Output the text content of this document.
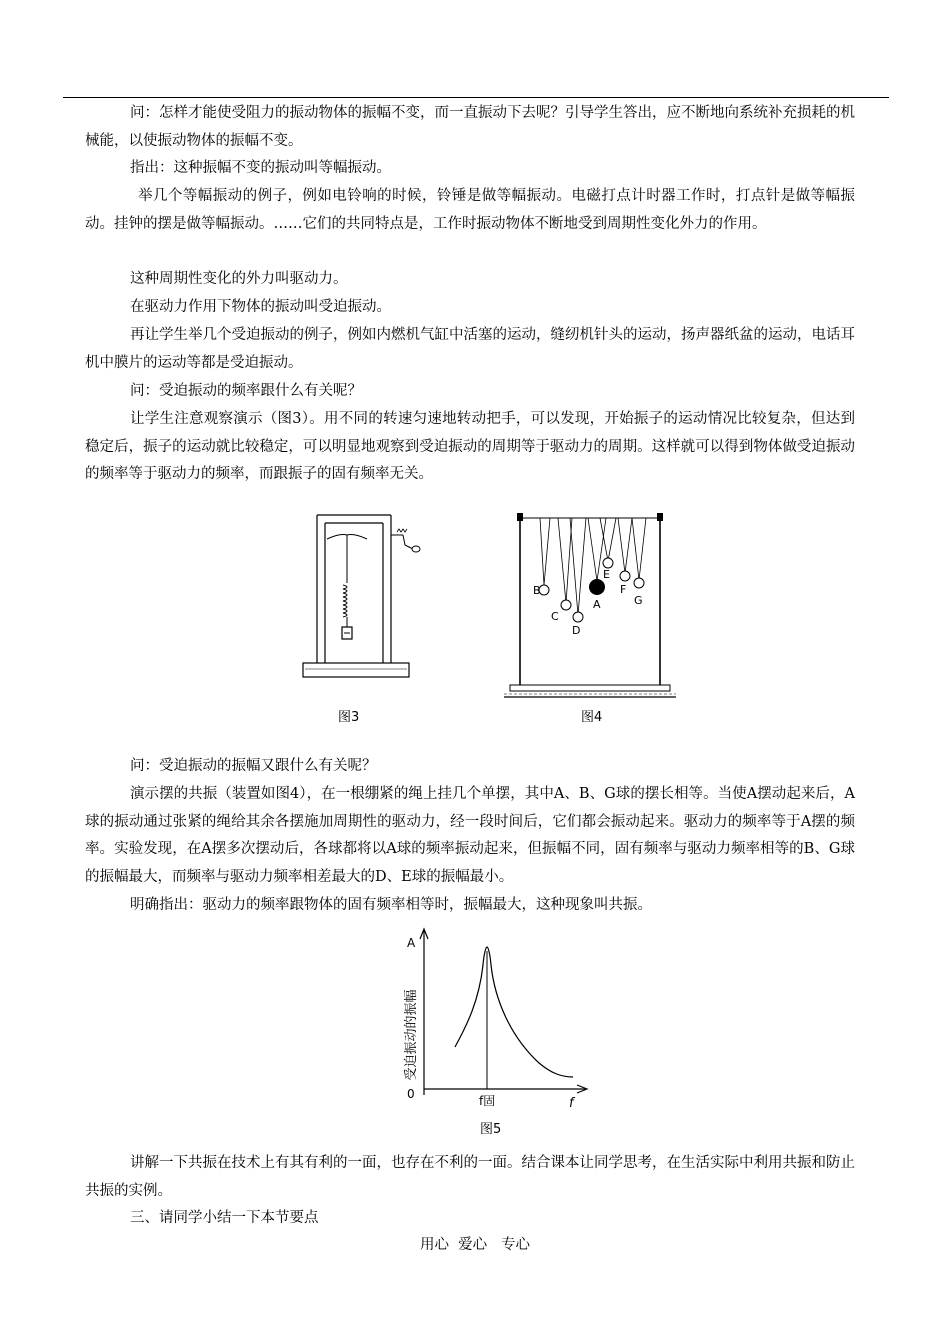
问：怎样才能使受阻力的振动物体的振幅不变，而一直振动下去呢？引导学生答出，应不断地向系统补充损耗的机械能，以使振动物体的振幅不变。

指出：这种振幅不变的振动叫等幅振动。

举几个等幅振动的例子，例如电铃响的时候，铃锤是做等幅振动。电磁打点计时器工作时，打点针是做等幅振动。挂钟的摆是做等幅振动。……它们的共同特点是，工作时振动物体不断地受到周期性变化外力的作用。

这种周期性变化的外力叫驱动力。

在驱动力作用下物体的振动叫受迫振动。

再让学生举几个受迫振动的例子，例如内燃机气缸中活塞的运动，缝纫机针头的运动，扬声器纸盆的运动，电话耳机中膜片的运动等都是受迫振动。

问：受迫振动的频率跟什么有关呢？

让学生注意观察演示（图3）。用不同的转速匀速地转动把手，可以发现，开始振子的运动情况比较复杂，但达到稳定后，振子的运动就比较稳定，可以明显地观察到受迫振动的周期等于驱动力的周期。这样就可以得到物体做受迫振动的频率等于驱动力的频率，而跟振子的固有频率无关。

图3
B
C
D
A
E
F
G
图4

问：受迫振动的振幅又跟什么有关呢？

演示摆的共振（装置如图4），在一根绷紧的绳上挂几个单摆，其中A、B、G球的摆长相等。当使A摆动起来后，A球的振动通过张紧的绳给其余各摆施加周期性的驱动力，经一段时间后，它们都会振动起来。驱动力的频率等于A摆的频率。实验发现，在A摆多次摆动后，各球都将以A球的频率振动起来，但振幅不同，固有频率与驱动力频率相等的B、G球的振幅最大，而频率与驱动力频率相差最大的D、E球的振幅最小。

明确指出：驱动力的频率跟物体的固有频率相等时，振幅最大，这种现象叫共振。

A
0
f
f固
受迫振动的振幅
图5

讲解一下共振在技术上有其有利的一面，也存在不利的一面。结合课本让同学思考，在生活实际中利用共振和防止共振的实例。

三、请同学小结一下本节要点

用心  爱心   专心
